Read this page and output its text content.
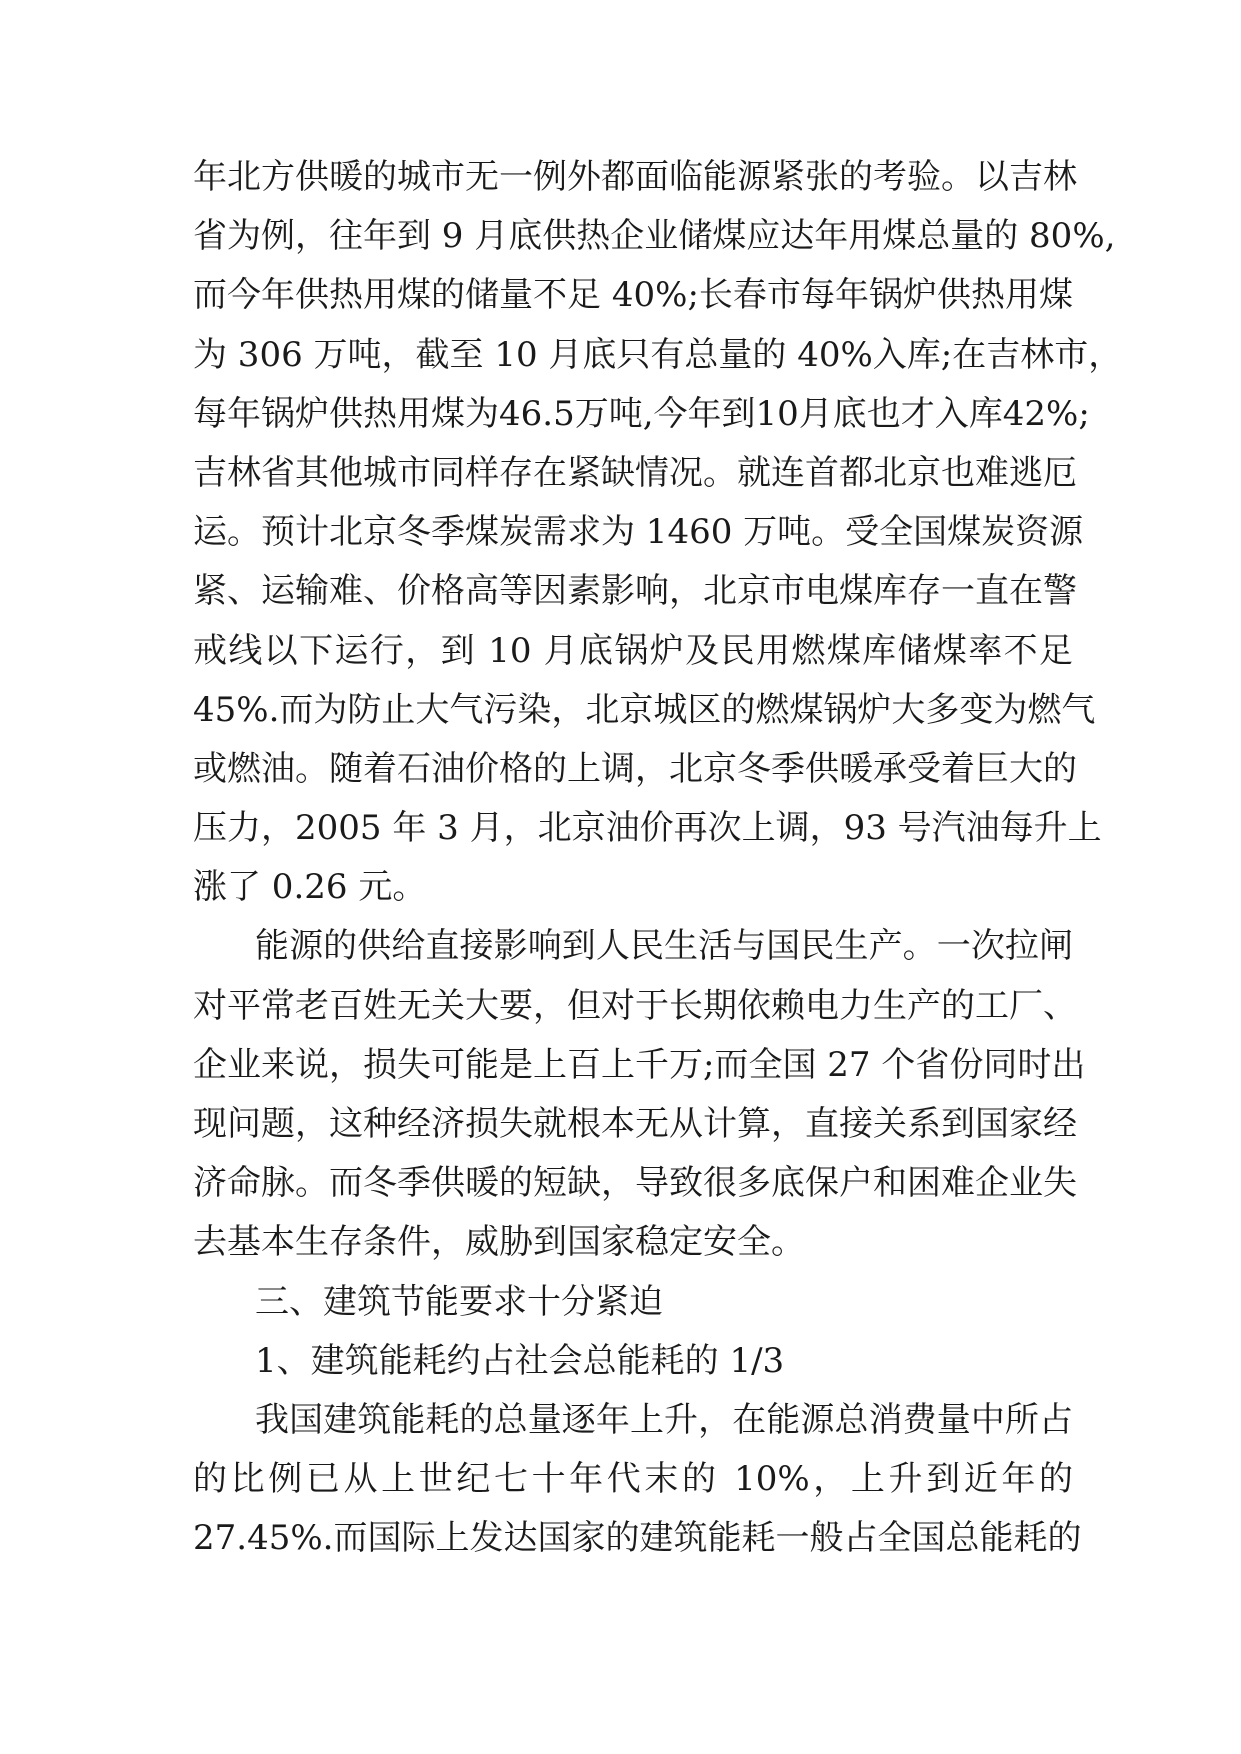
年北方供暖的城市无一例外都面临能源紧张的考验。以吉林
省为例，往年到 9 月底供热企业储煤应达年用煤总量的 80%,
而今年供热用煤的储量不足 40%;长春市每年锅炉供热用煤
为 306 万吨，截至 10 月底只有总量的 40%入库;在吉林市，
每年锅炉供热用煤为46.5万吨,今年到10月底也才入库42%;
吉林省其他城市同样存在紧缺情况。就连首都北京也难逃厄
运。预计北京冬季煤炭需求为 1460 万吨。受全国煤炭资源
紧、运输难、价格高等因素影响，北京市电煤库存一直在警
戒线以下运行，到 10 月底锅炉及民用燃煤库储煤率不足
45%.而为防止大气污染，北京城区的燃煤锅炉大多变为燃气
或燃油。随着石油价格的上调，北京冬季供暖承受着巨大的
压力，2005 年 3 月，北京油价再次上调，93 号汽油每升上
涨了 0.26 元。
能源的供给直接影响到人民生活与国民生产。一次拉闸
对平常老百姓无关大要，但对于长期依赖电力生产的工厂、
企业来说，损失可能是上百上千万;而全国 27 个省份同时出
现问题，这种经济损失就根本无从计算，直接关系到国家经
济命脉。而冬季供暖的短缺，导致很多底保户和困难企业失
去基本生存条件，威胁到国家稳定安全。
三、建筑节能要求十分紧迫
1、建筑能耗约占社会总能耗的 1/3
我国建筑能耗的总量逐年上升，在能源总消费量中所占
的比例已从上世纪七十年代末的 10%，上升到近年的
27.45%.而国际上发达国家的建筑能耗一般占全国总能耗的
